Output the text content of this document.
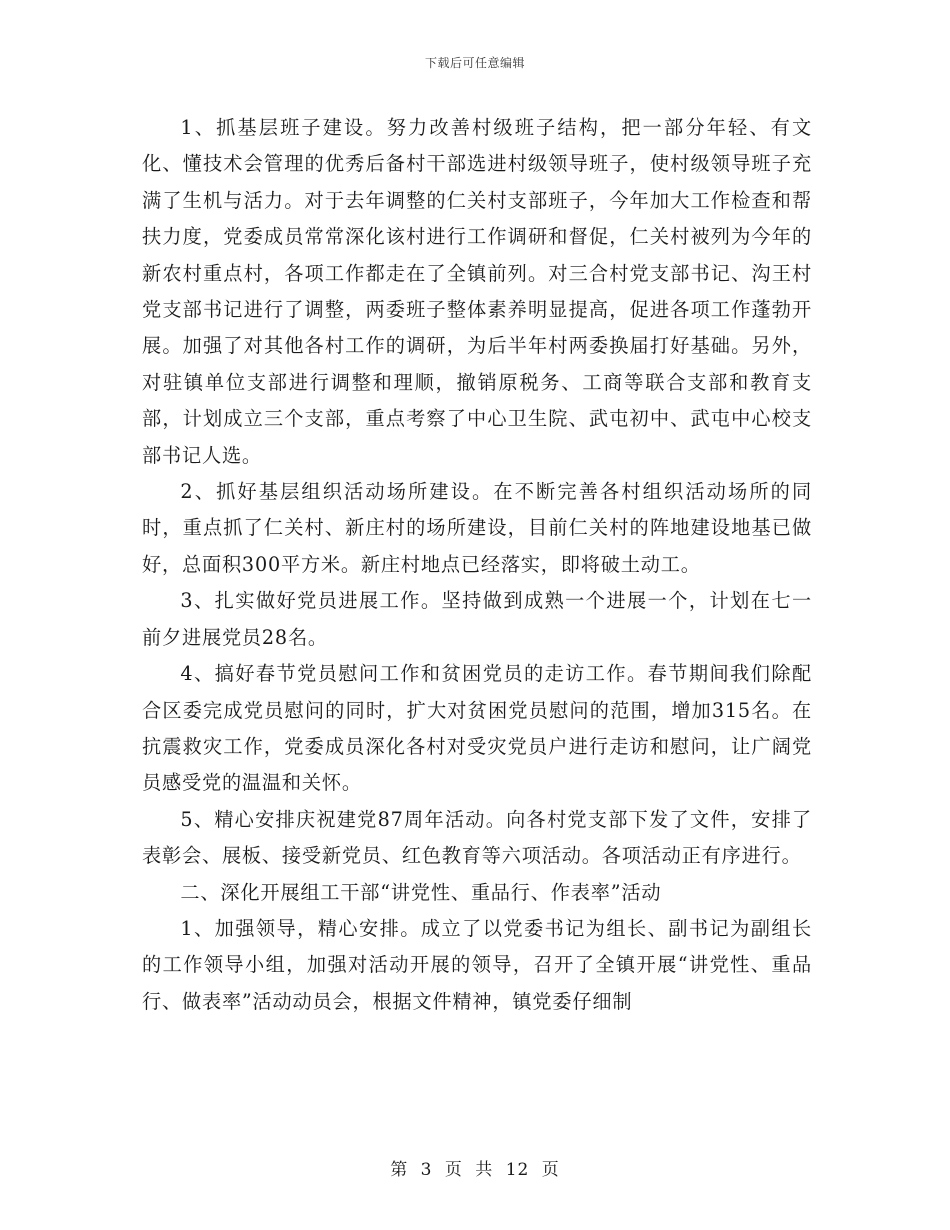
下载后可任意编辑

1、抓基层班子建设。努力改善村级班子结构，把一部分年轻、有文化、懂技术会管理的优秀后备村干部选进村级领导班子，使村级领导班子充满了生机与活力。对于去年调整的仁关村支部班子，今年加大工作检查和帮扶力度，党委成员常常深化该村进行工作调研和督促，仁关村被列为今年的新农村重点村，各项工作都走在了全镇前列。对三合村党支部书记、沟王村党支部书记进行了调整，两委班子整体素养明显提高，促进各项工作蓬勃开展。加强了对其他各村工作的调研，为后半年村两委换届打好基础。另外，对驻镇单位支部进行调整和理顺，撤销原税务、工商等联合支部和教育支部，计划成立三个支部，重点考察了中心卫生院、武屯初中、武屯中心校支部书记人选。

2、抓好基层组织活动场所建设。在不断完善各村组织活动场所的同时，重点抓了仁关村、新庄村的场所建设，目前仁关村的阵地建设地基已做好，总面积300平方米。新庄村地点已经落实，即将破土动工。

3、扎实做好党员进展工作。坚持做到成熟一个进展一个，计划在七一前夕进展党员28名。

4、搞好春节党员慰问工作和贫困党员的走访工作。春节期间我们除配合区委完成党员慰问的同时，扩大对贫困党员慰问的范围，增加315名。在抗震救灾工作，党委成员深化各村对受灾党员户进行走访和慰问，让广阔党员感受党的温温和关怀。

5、精心安排庆祝建党87周年活动。向各村党支部下发了文件，安排了表彰会、展板、接受新党员、红色教育等六项活动。各项活动正有序进行。

二、深化开展组工干部“讲党性、重品行、作表率”活动

1、加强领导，精心安排。成立了以党委书记为组长、副书记为副组长的工作领导小组，加强对活动开展的领导，召开了全镇开展“讲党性、重品行、做表率”活动动员会，根据文件精神，镇党委仔细制

第 3 页 共 12 页
